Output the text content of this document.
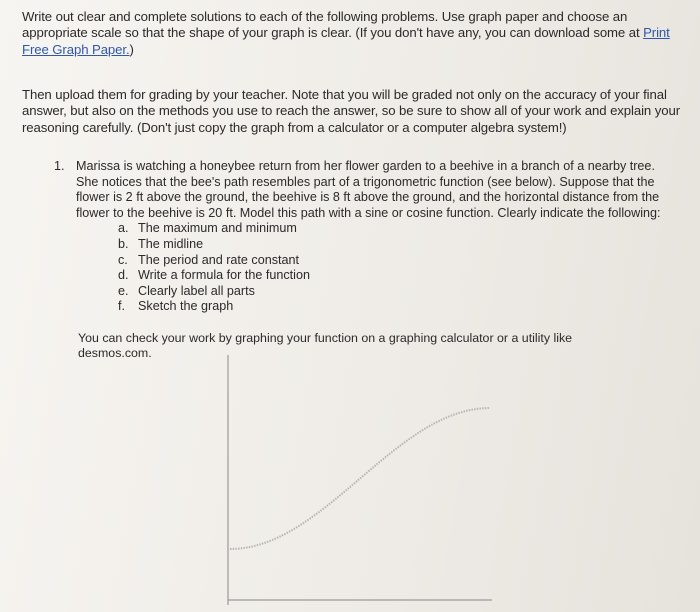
Write out clear and complete solutions to each of the following problems. Use graph paper and choose an appropriate scale so that the shape of your graph is clear. (If you don't have any, you can download some at Print Free Graph Paper.)
Then upload them for grading by your teacher. Note that you will be graded not only on the accuracy of your final answer, but also on the methods you use to reach the answer, so be sure to show all of your work and explain your reasoning carefully. (Don't just copy the graph from a calculator or a computer algebra system!)
1. Marissa is watching a honeybee return from her flower garden to a beehive in a branch of a nearby tree. She notices that the bee's path resembles part of a trigonometric function (see below). Suppose that the flower is 2 ft above the ground, the beehive is 8 ft above the ground, and the horizontal distance from the flower to the beehive is 20 ft. Model this path with a sine or cosine function. Clearly indicate the following:
a. The maximum and minimum
b. The midline
c. The period and rate constant
d. Write a formula for the function
e. Clearly label all parts
f. Sketch the graph
You can check your work by graphing your function on a graphing calculator or a utility like desmos.com.
